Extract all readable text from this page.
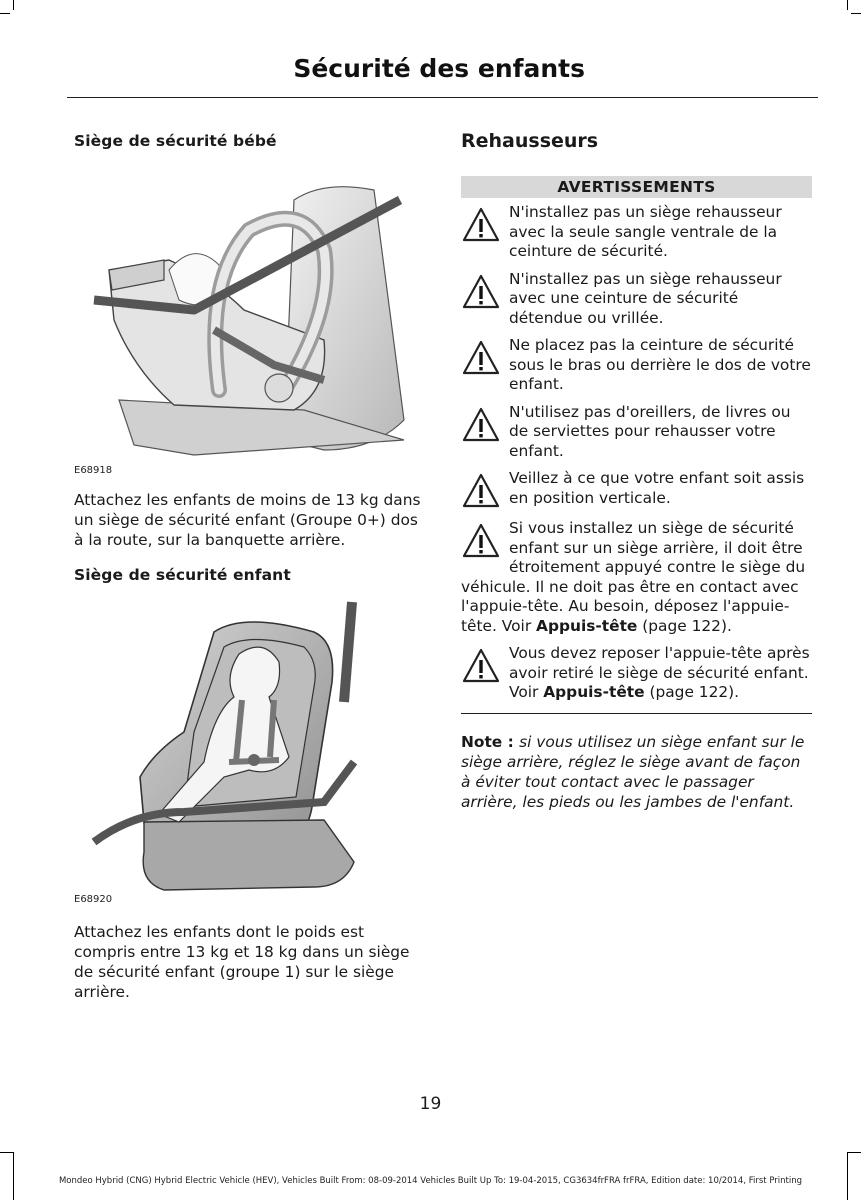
Sécurité des enfants
Siège de sécurité bébé
E68918

Attachez les enfants de moins de 13 kg dans un siège de sécurité enfant (Groupe 0+) dos à la route, sur la banquette arrière.

Siège de sécurité enfant
E68920

Attachez les enfants dont le poids est compris entre 13 kg et 18 kg dans un siège de sécurité enfant (groupe 1) sur le siège arrière.

Rehausseurs
AVERTISSEMENTS

N'installez pas un siège rehausseur avec la seule sangle ventrale de la ceinture de sécurité.

N'installez pas un siège rehausseur avec une ceinture de sécurité détendue ou vrillée.

Ne placez pas la ceinture de sécurité sous le bras ou derrière le dos de votre enfant.

N'utilisez pas d'oreillers, de livres ou de serviettes pour rehausser votre enfant.

Veillez à ce que votre enfant soit assis en position verticale.

Si vous installez un siège de sécurité enfant sur un siège arrière, il doit être étroitement appuyé contre le siège du véhicule. Il ne doit pas être en contact avec l'appuie-tête. Au besoin, déposez l'appuie-tête. Voir Appuis-tête (page 122).

Vous devez reposer l'appuie-tête après avoir retiré le siège de sécurité enfant. Voir Appuis-tête (page 122).

Note : si vous utilisez un siège enfant sur le siège arrière, réglez le siège avant de façon à éviter tout contact avec le passager arrière, les pieds ou les jambes de l'enfant.
19
Mondeo Hybrid (CNG) Hybrid Electric Vehicle (HEV), Vehicles Built From: 08-09-2014 Vehicles Built Up To: 19-04-2015, CG3634frFRA frFRA, Edition date: 10/2014, First Printing
